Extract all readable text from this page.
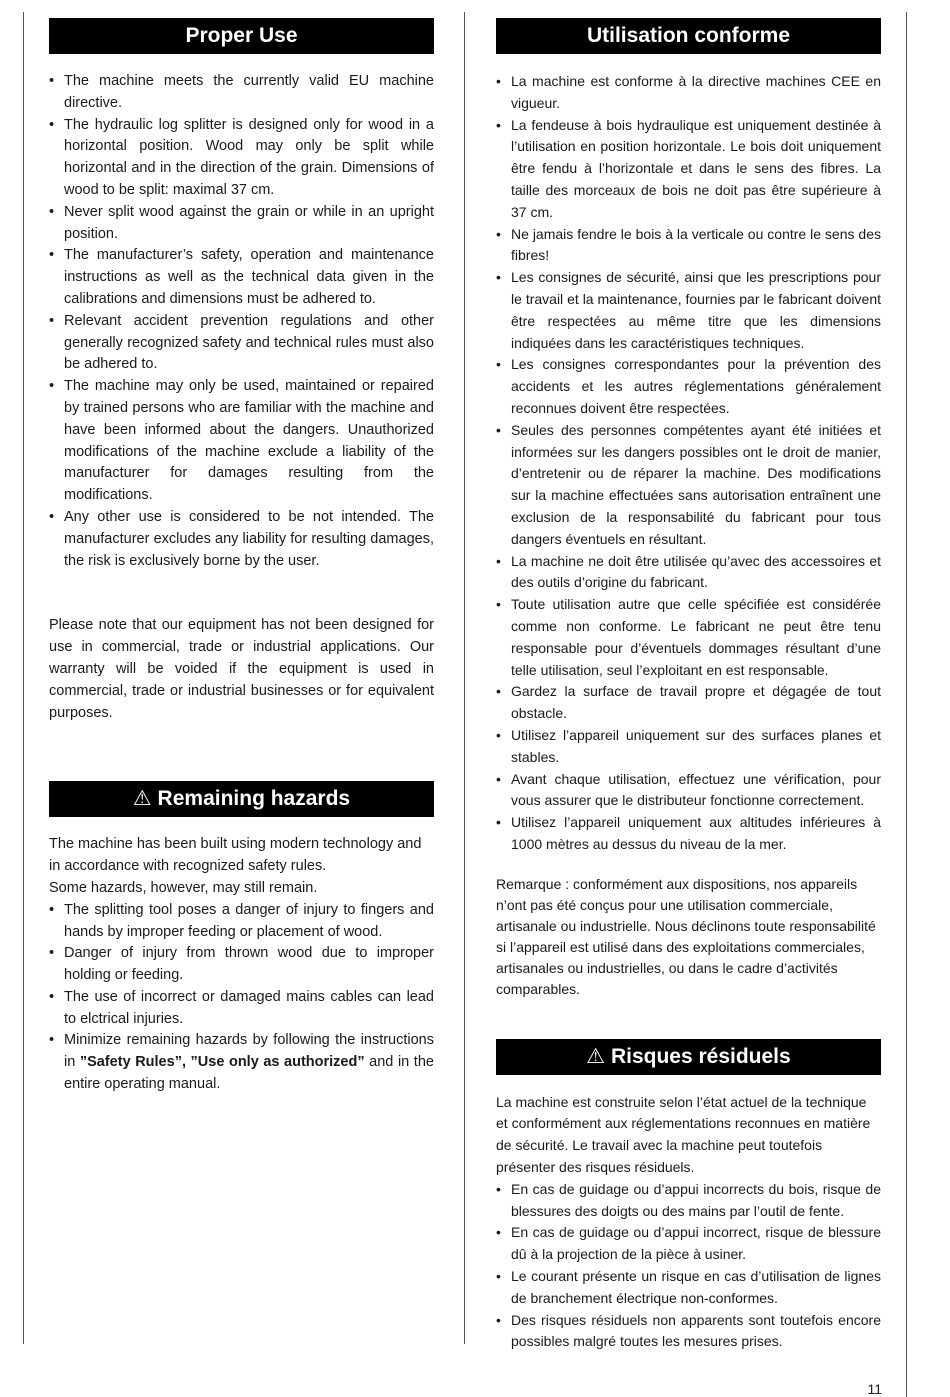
Proper Use
• The machine meets the currently valid EU machine directive.
• The hydraulic log splitter is designed only for wood in a horizontal position. Wood may only be split while horizontal and in the direction of the grain. Dimensions of wood to be split: maximal 37 cm.
• Never split wood against the grain or while in an upright position.
• The manufacturer’s safety, operation and maintenance instructions as well as the technical data given in the calibrations and dimensions must be adhered to.
• Relevant accident prevention regulations and other generally recognized safety and technical rules must also be adhered to.
• The machine may only be used, maintained or repaired by trained persons who are familiar with the machine and have been informed about the dangers. Unauthorized modifications of the machine exclude a liability of the manufacturer for damages resulting from the modifications.
• Any other use is considered to be not intended. The manufacturer excludes any liability for resulting damages, the risk is exclusively borne by the user.

Please note that our equipment has not been designed for use in commercial, trade or industrial applications. Our warranty will be voided if the equipment is used in commercial, trade or industrial businesses or for equivalent purposes.

⚠ Remaining hazards

The machine has been built using modern technology and in accordance with recognized safety rules.

Some hazards, however, may still remain.

• The splitting tool poses a danger of injury to fingers and hands by improper feeding or placement of wood.
• Danger of injury from thrown wood due to improper holding or feeding.
• The use of incorrect or damaged mains cables can lead to elctrical injuries.
• Minimize remaining hazards by following the instructions in ”Safety Rules”, ”Use only as authorized” and in the entire operating manual.
Utilisation conforme
• La machine est conforme à la directive machines CEE en vigueur.
• La fendeuse à bois hydraulique est uniquement destinée à l’utilisation en position horizontale. Le bois doit uniquement être fendu à l’horizontale et dans le sens des fibres. La taille des morceaux de bois ne doit pas être supérieure à 37 cm.
• Ne jamais fendre le bois à la verticale ou contre le sens des fibres!
• Les consignes de sécurité, ainsi que les prescriptions pour le travail et la maintenance, fournies par le fabricant doivent être respectées au même titre que les dimensions indiquées dans les caractéristiques techniques.
• Les consignes correspondantes pour la prévention des accidents et les autres réglementations généralement reconnues doivent être respectées.
• Seules des personnes compétentes ayant été initiées et informées sur les dangers possibles ont le droit de manier, d’entretenir ou de réparer la machine. Des modifications sur la machine effectuées sans autorisation entraînent une exclusion de la responsabilité du fabricant pour tous dangers éventuels en résultant.
• La machine ne doit être utilisée qu’avec des accessoires et des outils d’origine du fabricant.
• Toute utilisation autre que celle spécifiée est considérée comme non conforme. Le fabricant ne peut être tenu responsable pour d’éventuels dommages résultant d’une telle utilisation, seul l’exploitant en est responsable.
• Gardez la surface de travail propre et dégagée de tout obstacle.
• Utilisez l’appareil uniquement sur des surfaces planes et stables.
• Avant chaque utilisation, effectuez une vérification, pour vous assurer que le distributeur fonctionne correctement.
• Utilisez l’appareil uniquement aux altitudes inférieures à 1000 mètres au dessus du niveau de la mer.

Remarque : conformément aux dispositions, nos appareils n’ont pas été conçus pour une utilisation commerciale, artisanale ou industrielle. Nous déclinons toute responsabilité si l’appareil est utilisé dans des exploitations commerciales, artisanales ou industrielles, ou dans le cadre d’activités comparables.

⚠ Risques résiduels

La machine est construite selon l’état actuel de la technique et conformément aux réglementations reconnues en matière de sécurité. Le travail avec la machine peut toutefois présenter des risques résiduels.

• En cas de guidage ou d’appui incorrects du bois, risque de blessures des doigts ou des mains par l’outil de fente.
• En cas de guidage ou d’appui incorrect, risque de blessure dû à la projection de la pièce à usiner.
• Le courant présente un risque en cas d’utilisation de lignes de branchement électrique non-conformes.
• Des risques résiduels non apparents sont toutefois encore possibles malgré toutes les mesures prises.
11
